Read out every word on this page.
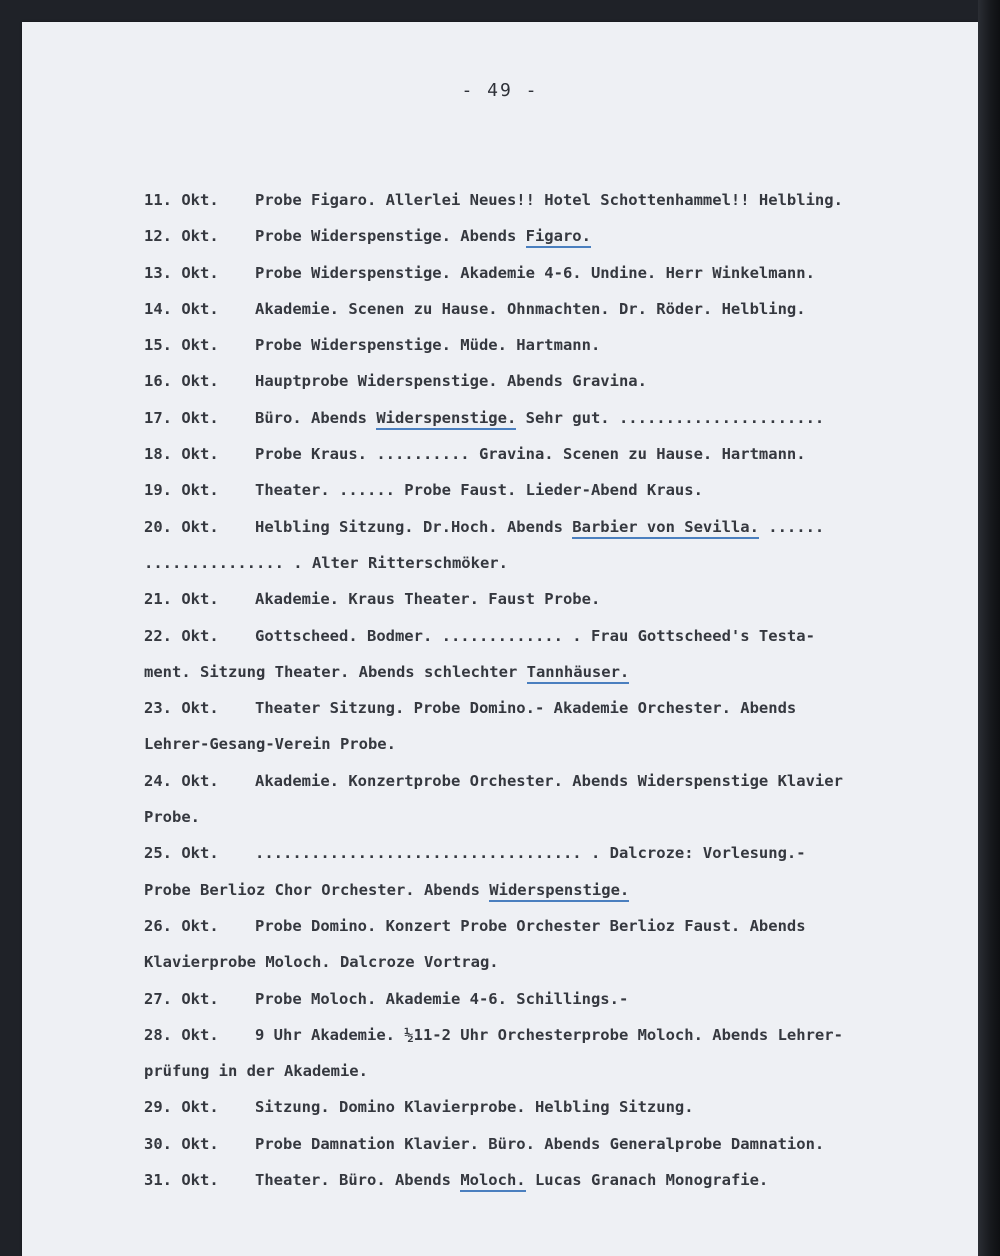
- 49 -
11. Okt. Probe Figaro. Allerlei Neues!! Hotel Schottenhammel!! Helbling.
12. Okt. Probe Widerspenstige. Abends Figaro.
13. Okt. Probe Widerspenstige. Akademie 4-6. Undine. Herr Winkelmann.
14. Okt. Akademie. Scenen zu Hause. Ohnmachten. Dr. Röder. Helbling.
15. Okt. Probe Widerspenstige. Müde. Hartmann.
16. Okt. Hauptprobe Widerspenstige. Abends Gravina.
17. Okt. Büro. Abends Widerspenstige. Sehr gut. ......................
18. Okt. Probe Kraus. .......... Gravina. Scenen zu Hause. Hartmann.
19. Okt. Theater. ...... Probe Faust. Lieder-Abend Kraus.
20. Okt. Helbling Sitzung. Dr.Hoch. Abends Barbier von Sevilla. ......
............... . Alter Ritterschmöker.
21. Okt. Akademie. Kraus Theater. Faust Probe.
22. Okt. Gottscheed. Bodmer. ............. . Frau Gottscheed's Testa-
ment. Sitzung Theater. Abends schlechter Tannhäuser.
23. Okt. Theater Sitzung. Probe Domino.- Akademie Orchester. Abends
Lehrer-Gesang-Verein Probe.
24. Okt. Akademie. Konzertprobe Orchester. Abends Widerspenstige Klavier
Probe.
25. Okt. ................................... . Dalcroze: Vorlesung.-
Probe Berlioz Chor Orchester. Abends Widerspenstige.
26. Okt. Probe Domino. Konzert Probe Orchester Berlioz Faust. Abends
Klavierprobe Moloch. Dalcroze Vortrag.
27. Okt. Probe Moloch. Akademie 4-6. Schillings.-
28. Okt. 9 Uhr Akademie. ½11-2 Uhr Orchesterprobe Moloch. Abends Lehrer-
prüfung in der Akademie.
29. Okt. Sitzung. Domino Klavierprobe. Helbling Sitzung.
30. Okt. Probe Damnation Klavier. Büro. Abends Generalprobe Damnation.
31. Okt. Theater. Büro. Abends Moloch. Lucas Granach Monografie.
